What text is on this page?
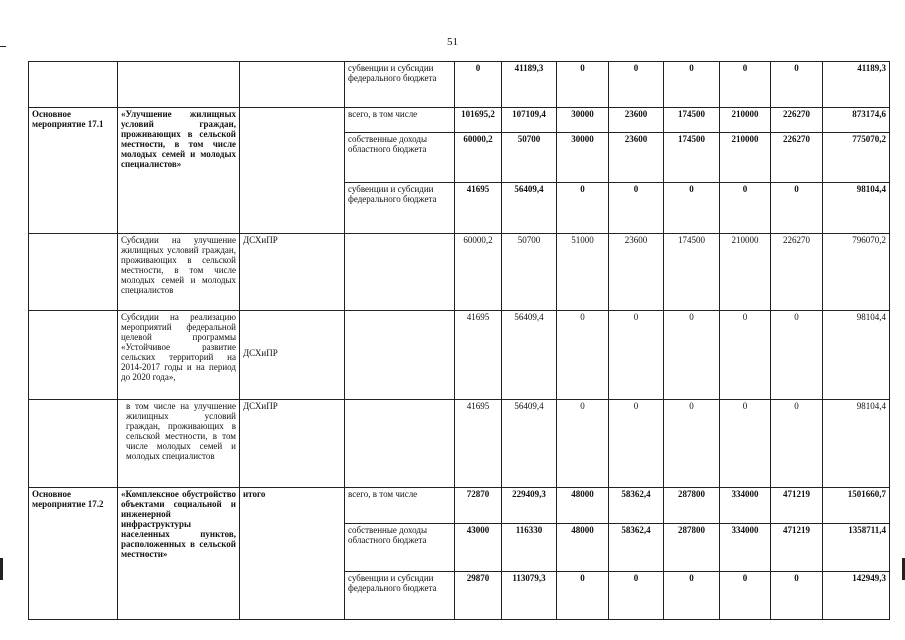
51
			субвенции и субсидии федерального бюджета	0	41189,3	0	0	0	0	0	41189,3
Основное мероприятие 17.1	«Улучшение жилищных условий граждан, проживающих в сельской местности, в том числе молодых семей и молодых специалистов»		всего, в том числе	101695,2	107109,4	30000	23600	174500	210000	226270	873174,6
			собственные доходы областного бюджета	60000,2	50700	30000	23600	174500	210000	226270	775070,2
			субвенции и субсидии федерального бюджета	41695	56409,4	0	0	0	0	0	98104,4
	Субсидии на улучшение жилищных условий граждан, проживающих в сельской местности, в том числе молодых семей и молодых специалистов	ДСХиПР		60000,2	50700	51000	23600	174500	210000	226270	796070,2
	Субсидии на реализацию мероприятий федеральной целевой программы «Устойчивое развитие сельских территорий на 2014-2017 годы и на период до 2020 года»,	ДСХиПР		41695	56409,4	0	0	0	0	0	98104,4
	в том числе на улучшение жилищных условий граждан, проживающих в сельской местности, в том числе молодых семей и молодых специалистов	ДСХиПР		41695	56409,4	0	0	0	0	0	98104,4
Основное мероприятие 17.2	«Комплексное обустройство объектами социальной и инженерной инфраструктуры населенных пунктов, расположенных в сельской местности»	итого	всего, в том числе	72870	229409,3	48000	58362,4	287800	334000	471219	1501660,7
			собственные доходы областного бюджета	43000	116330	48000	58362,4	287800	334000	471219	1358711,4
			субвенции и субсидии федерального бюджета	29870	113079,3	0	0	0	0	0	142949,3
